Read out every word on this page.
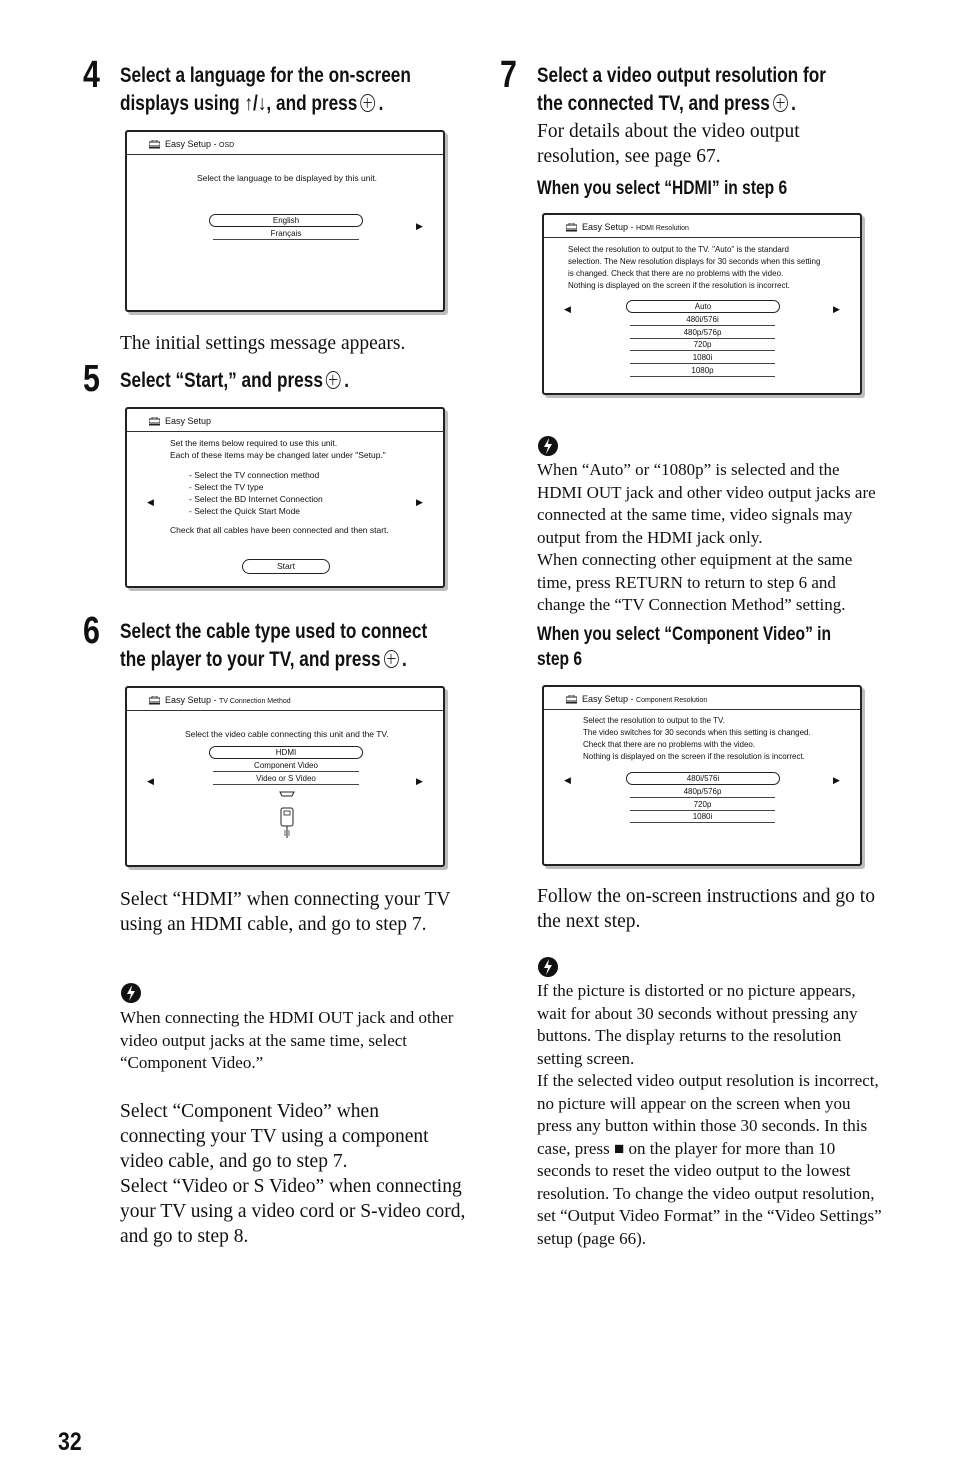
4 Select a language for the on-screen
displays using ↑/↓, and press .
Easy Setup - OSD
Select the language to be displayed by this unit.
English
Français
▶
The initial settings message appears.
5 Select “Start,” and press .
Easy Setup
Set the items below required to use this unit.
Each of these items may be changed later under "Setup."
- Select the TV connection method
- Select the TV type
- Select the BD Internet Connection
- Select the Quick Start Mode
Check that all cables have been connected and then start.
Start
◀	▶
6 Select the cable type used to connect
the player to your TV, and press .
Easy Setup - TV Connection Method
Select the video cable connecting this unit and the TV.
HDMI
Component Video
Video or S Video
◀	▶
Select “HDMI” when connecting your TV using an HDMI cable, and go to step 7.
When connecting the HDMI OUT jack and other video output jacks at the same time, select “Component Video.”
Select “Component Video” when connecting your TV using a component video cable, and go to step 7.
Select “Video or S Video” when connecting your TV using a video cord or S-video cord, and go to step 8.
7 Select a video output resolution for
the connected TV, and press .
For details about the video output resolution, see page 67.
When you select “HDMI” in step 6
Easy Setup - HDMI Resolution
Select the resolution to output to the TV. "Auto" is the standard
selection. The New resolution displays for 30 seconds when this setting
is changed. Check that there are no problems with the video.
Nothing is displayed on the screen if the resolution is incorrect.
Auto
480i/576i
480p/576p
720p
1080i
1080p
◀	▶
When “Auto” or “1080p” is selected and the HDMI OUT jack and other video output jacks are connected at the same time, video signals may output from the HDMI jack only.
When connecting other equipment at the same time, press RETURN to return to step 6 and change the “TV Connection Method” setting.
When you select “Component Video” in
step 6
Easy Setup - Component Resolution
Select the resolution to output to the TV.
The video switches for 30 seconds when this setting is changed.
Check that there are no problems with the video.
Nothing is displayed on the screen if the resolution is incorrect.
480i/576i
480p/576p
720p
1080i
◀	▶
Follow the on-screen instructions and go to the next step.
If the picture is distorted or no picture appears, wait for about 30 seconds without pressing any buttons. The display returns to the resolution setting screen.
If the selected video output resolution is incorrect, no picture will appear on the screen when you press any button within those 30 seconds. In this case, press ■ on the player for more than 10 seconds to reset the video output to the lowest resolution. To change the video output resolution, set “Output Video Format” in the “Video Settings” setup (page 66).
32
